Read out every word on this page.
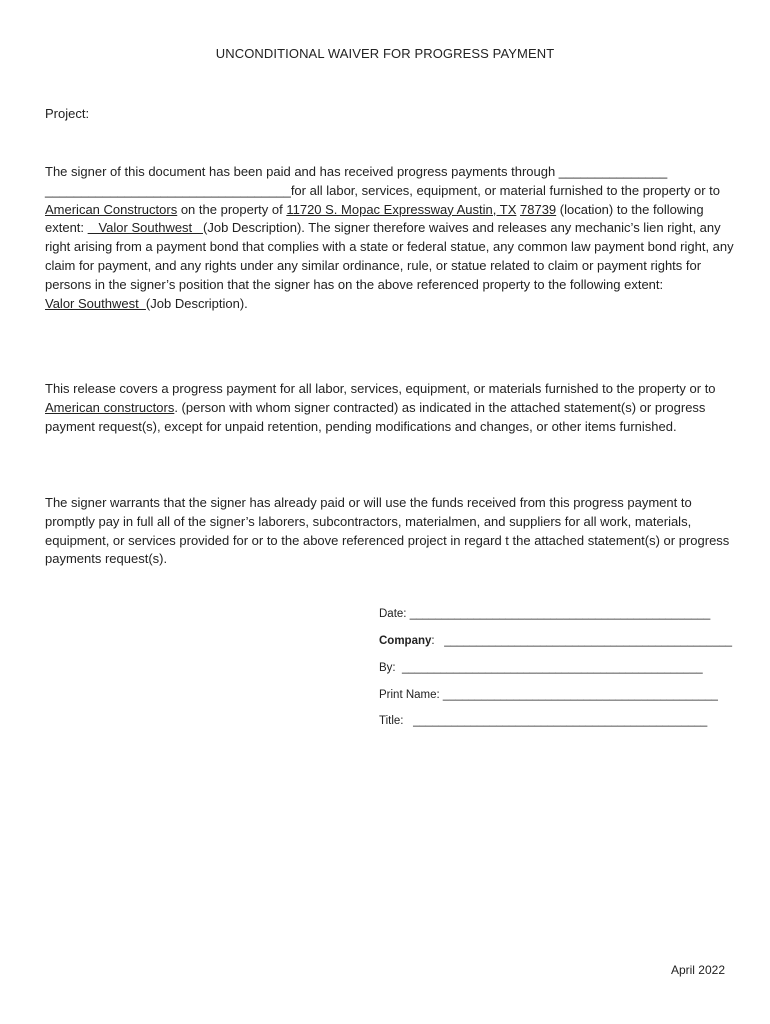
UNCONDITIONAL WAIVER FOR PROGRESS PAYMENT
Project:

The signer of this document has been paid and has received progress payments through _______________
__________________________________for all labor, services, equipment, or material furnished to the property or to American Constructors on the property of 11720 S. Mopac Expressway Austin, TX 78739 (location) to the following extent:    Valor Southwest   (Job Description). The signer therefore waives and releases any mechanic’s lien right, any right arising from a payment bond that complies with a state or federal statue, any common law payment bond right, any claim for payment, and any rights under any similar ordinance, rule, or statue related to claim or payment rights for persons in the signer’s position that the signer has on the above referenced property to the following extent: Valor Southwest  (Job Description).

This release covers a progress payment for all labor, services, equipment, or materials furnished to the property or to American constructors. (person with whom signer contracted) as indicated in the attached statement(s) or progress payment request(s), except for unpaid retention, pending modifications and changes, or other items furnished.

The signer warrants that the signer has already paid or will use the funds received from this progress payment to promptly pay in full all of the signer’s laborers, subcontractors, materialmen, and suppliers for all work, materials, equipment, or services provided for or to the above referenced project in regard t the attached statement(s) or progress payments request(s).

Date: _______________________________________________
Company: _____________________________________________
By: _______________________________________________
Print Name: ___________________________________________
Title: ______________________________________________
April 2022
